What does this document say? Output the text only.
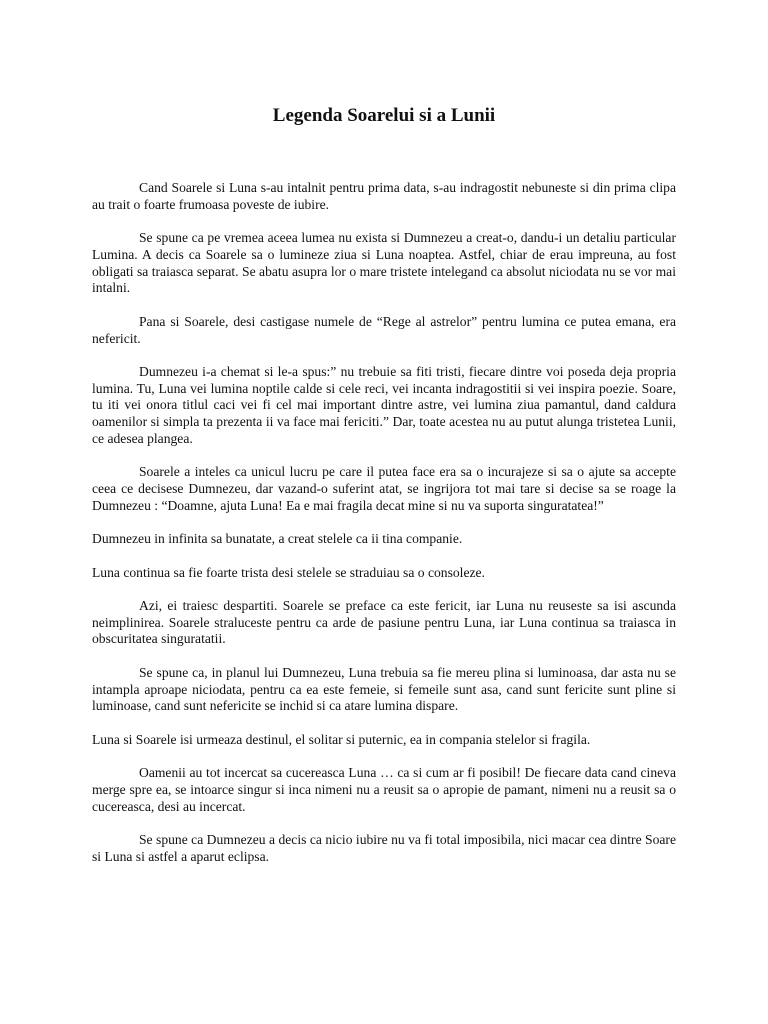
Legenda Soarelui si a Lunii

Cand Soarele si Luna s-au intalnit pentru prima data, s-au indragostit nebuneste si din prima clipa au trait o foarte frumoasa poveste de iubire.

Se spune ca pe vremea aceea lumea nu exista si Dumnezeu a creat-o, dandu-i un detaliu particular Lumina. A decis ca Soarele sa o lumineze ziua si Luna noaptea. Astfel, chiar de erau impreuna, au fost obligati sa traiasca separat. Se abatu asupra lor o mare tristete intelegand ca absolut niciodata nu se vor mai intalni.

Pana si Soarele, desi castigase numele de “Rege al astrelor” pentru lumina ce putea emana, era nefericit.

Dumnezeu i-a chemat si le-a spus:” nu trebuie sa fiti tristi, fiecare dintre voi poseda deja propria lumina. Tu, Luna vei lumina noptile calde si cele reci, vei incanta indragostitii si vei inspira poezie. Soare, tu iti vei onora titlul caci vei fi cel mai important dintre astre, vei lumina ziua pamantul, dand caldura oamenilor si simpla ta prezenta ii va face mai fericiti.” Dar, toate acestea nu au putut alunga tristetea Lunii, ce adesea plangea.

Soarele a inteles ca unicul lucru pe care il putea face era sa o incurajeze si sa o ajute sa accepte ceea ce decisese Dumnezeu, dar vazand-o suferint atat, se ingrijora tot mai tare si decise sa se roage la Dumnezeu : “Doamne, ajuta Luna! Ea e mai fragila decat mine si nu va suporta singuratatea!”

Dumnezeu in infinita sa bunatate, a creat stelele ca ii tina companie.

Luna continua sa fie foarte trista desi stelele se straduiau sa o consoleze.

Azi, ei traiesc despartiti. Soarele se preface ca este fericit, iar Luna nu reuseste sa isi ascunda neimplinirea. Soarele straluceste pentru ca arde de pasiune pentru Luna, iar Luna continua sa traiasca in obscuritatea singuratatii.

Se spune ca, in planul lui Dumnezeu, Luna trebuia sa fie mereu plina si luminoasa, dar asta nu se intampla aproape niciodata, pentru ca ea este femeie, si femeile sunt asa, cand sunt fericite sunt pline si luminoase, cand sunt nefericite se inchid si ca atare lumina dispare.

Luna si Soarele isi urmeaza destinul, el solitar si puternic, ea in compania stelelor si fragila.

Oamenii au tot incercat sa cucereasca Luna … ca si cum ar fi posibil! De fiecare data cand cineva merge spre ea, se intoarce singur si inca nimeni nu a reusit sa o apropie de pamant, nimeni nu a reusit sa o cucereasca, desi au incercat.

Se spune ca Dumnezeu a decis ca nicio iubire nu va fi total imposibila, nici macar cea dintre Soare si Luna si astfel a aparut eclipsa.
